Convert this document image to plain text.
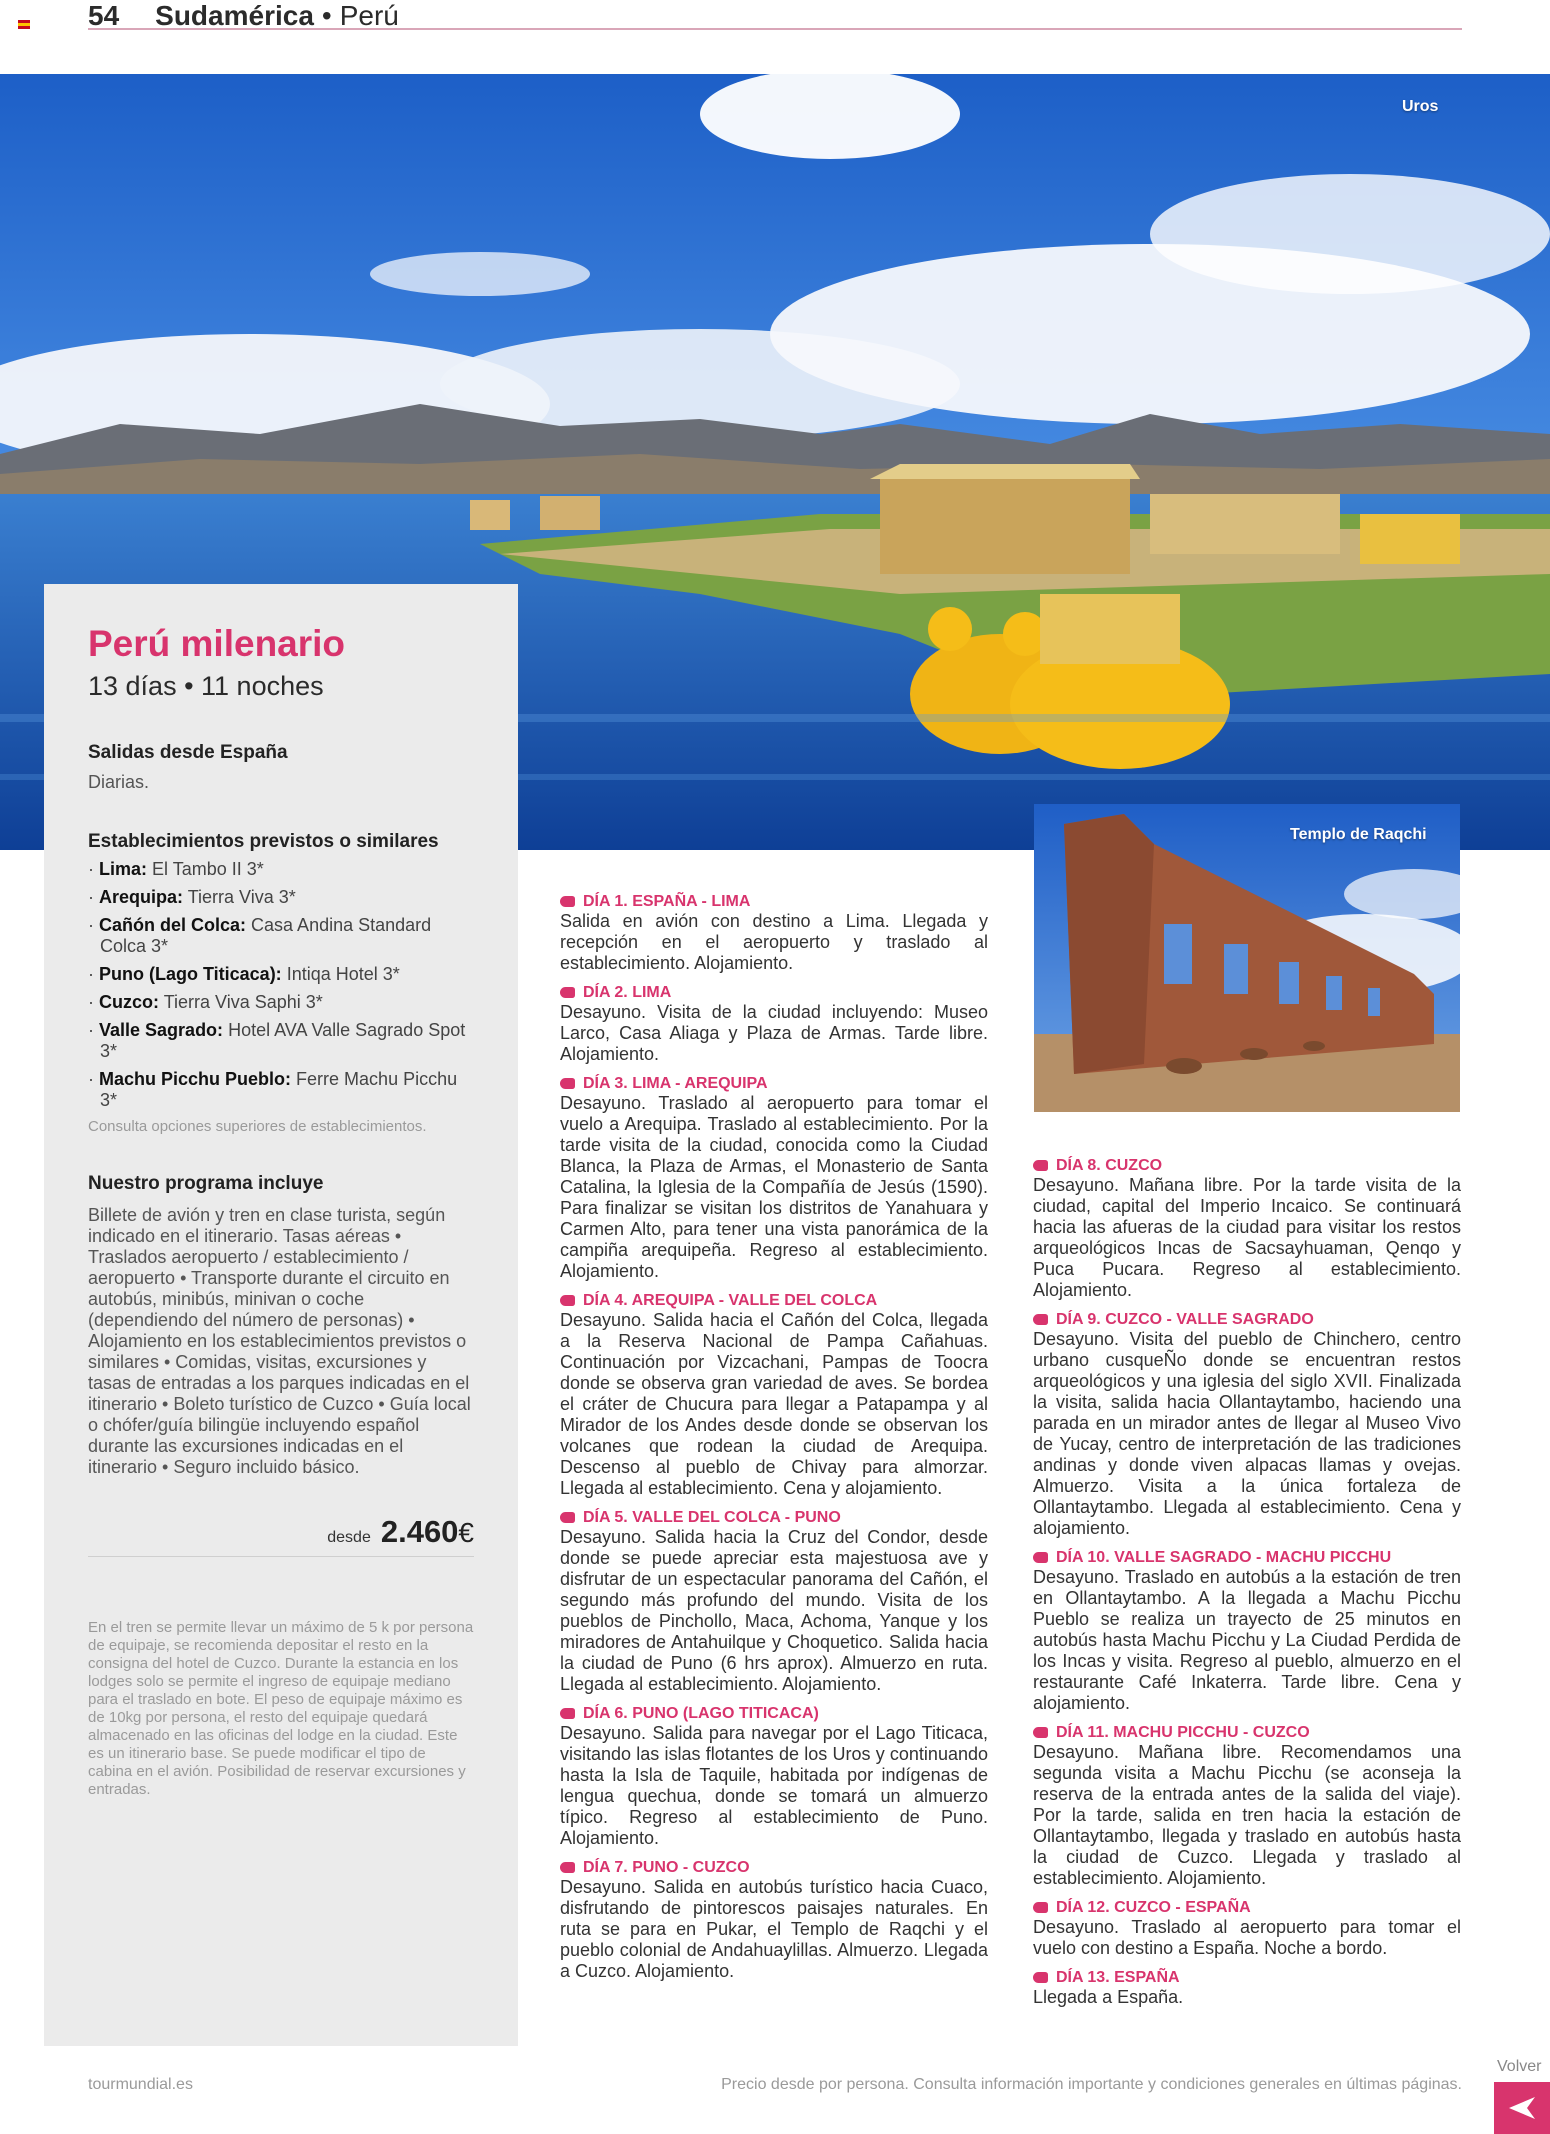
54 Sudamérica • Perú
Uros
Perú milenario
13 días • 11 noches
Salidas desde España
Diarias.
Establecimientos previstos o similares
· Lima: El Tambo II 3*
· Arequipa: Tierra Viva 3*
· Cañón del Colca: Casa Andina Standard Colca 3*
· Puno (Lago Titicaca): Intiqa Hotel 3*
· Cuzco: Tierra Viva Saphi 3*
· Valle Sagrado: Hotel AVA Valle Sagrado Spot 3*
· Machu Picchu Pueblo: Ferre Machu Picchu 3*
Consulta opciones superiores de establecimientos.
Nuestro programa incluye
Billete de avión y tren en clase turista, según indicado en el itinerario. Tasas aéreas • Traslados aeropuerto / establecimiento / aeropuerto • Transporte durante el circuito en autobús, minibús, minivan o coche (dependiendo del número de personas) • Alojamiento en los establecimientos previstos o similares • Comidas, visitas, excursiones y tasas de entradas a los parques indicadas en el itinerario • Boleto turístico de Cuzco • Guía local o chófer/guía bilingüe incluyendo español durante las excursiones indicadas en el itinerario • Seguro incluido básico.
desde 2.460 €
En el tren se permite llevar un máximo de 5 k por persona de equipaje, se recomienda depositar el resto en la consigna del hotel de Cuzco. Durante la estancia en los lodges solo se permite el ingreso de equipaje mediano para el traslado en bote. El peso de equipaje máximo es de 10kg por persona, el resto del equipaje quedará almacenado en las oficinas del lodge en la ciudad. Este es un itinerario base. Se puede modificar el tipo de cabina en el avión. Posibilidad de reservar excursiones y entradas.
DÍA 1. ESPAÑA - LIMA
Salida en avión con destino a Lima. Llegada y recepción en el aeropuerto y traslado al establecimiento. Alojamiento.
DÍA 2. LIMA
Desayuno. Visita de la ciudad incluyendo: Museo Larco, Casa Aliaga y Plaza de Armas. Tarde libre. Alojamiento.
DÍA 3. LIMA - AREQUIPA
Desayuno. Traslado al aeropuerto para tomar el vuelo a Arequipa. Traslado al establecimiento. Por la tarde visita de la ciudad, conocida como la Ciudad Blanca, la Plaza de Armas, el Monasterio de Santa Catalina, la Iglesia de la Compañía de Jesús (1590). Para finalizar se visitan los distritos de Yanahuara y Carmen Alto, para tener una vista panorámica de la campiña arequipeña. Regreso al establecimiento. Alojamiento.
DÍA 4. AREQUIPA - VALLE DEL COLCA
Desayuno. Salida hacia el Cañón del Colca, llegada a la Reserva Nacional de Pampa Cañahuas. Continuación por Vizcachani, Pampas de Toocra donde se observa gran variedad de aves. Se bordea el cráter de Chucura para llegar a Patapampa y al Mirador de los Andes desde donde se observan los volcanes que rodean la ciudad de Arequipa. Descenso al pueblo de Chivay para almorzar. Llegada al establecimiento. Cena y alojamiento.
DÍA 5. VALLE DEL COLCA - PUNO
Desayuno. Salida hacia la Cruz del Condor, desde donde se puede apreciar esta majestuosa ave y disfrutar de un espectacular panorama del Cañón, el segundo más profundo del mundo. Visita de los pueblos de Pinchollo, Maca, Achoma, Yanque y los miradores de Antahuilque y Choquetico. Salida hacia la ciudad de Puno (6 hrs aprox). Almuerzo en ruta. Llegada al establecimiento. Alojamiento.
DÍA 6. PUNO (LAGO TITICACA)
Desayuno. Salida para navegar por el Lago Titicaca, visitando las islas flotantes de los Uros y continuando hasta la Isla de Taquile, habitada por indígenas de lengua quechua, donde se tomará un almuerzo típico. Regreso al establecimiento de Puno. Alojamiento.
DÍA 7. PUNO - CUZCO
Desayuno. Salida en autobús turístico hacia Cuaco, disfrutando de pintorescos paisajes naturales. En ruta se para en Pukar, el Templo de Raqchi y el pueblo colonial de Andahuaylillas. Almuerzo. Llegada a Cuzco. Alojamiento.
Templo de Raqchi
DÍA 8. CUZCO
Desayuno. Mañana libre. Por la tarde visita de la ciudad, capital del Imperio Incaico. Se continuará hacia las afueras de la ciudad para visitar los restos arqueológicos Incas de Sacsayhuaman, Qenqo y Puca Pucara. Regreso al establecimiento. Alojamiento.
DÍA 9. CUZCO - VALLE SAGRADO
Desayuno. Visita del pueblo de Chinchero, centro urbano cusqueÑo donde se encuentran restos arqueológicos y una iglesia del siglo XVII. Finalizada la visita, salida hacia Ollantaytambo, haciendo una parada en un mirador antes de llegar al Museo Vivo de Yucay, centro de interpretación de las tradiciones andinas y donde viven alpacas llamas y ovejas. Almuerzo. Visita a la única fortaleza de Ollantaytambo. Llegada al establecimiento. Cena y alojamiento.
DÍA 10. VALLE SAGRADO - MACHU PICCHU
Desayuno. Traslado en autobús a la estación de tren en Ollantaytambo. A la llegada a Machu Picchu Pueblo se realiza un trayecto de 25 minutos en autobús hasta Machu Picchu y La Ciudad Perdida de los Incas y visita. Regreso al pueblo, almuerzo en el restaurante Café Inkaterra. Tarde libre. Cena y alojamiento.
DÍA 11. MACHU PICCHU - CUZCO
Desayuno. Mañana libre. Recomendamos una segunda visita a Machu Picchu (se aconseja la reserva de la entrada antes de la salida del viaje). Por la tarde, salida en tren hacia la estación de Ollantaytambo, llegada y traslado en autobús hasta la ciudad de Cuzco. Llegada y traslado al establecimiento. Alojamiento.
DÍA 12. CUZCO - ESPAÑA
Desayuno. Traslado al aeropuerto para tomar el vuelo con destino a España. Noche a bordo.
DÍA 13. ESPAÑA
Llegada a España.
tourmundial.es	Precio desde por persona. Consulta información importante y condiciones generales en últimas páginas.
Volver
